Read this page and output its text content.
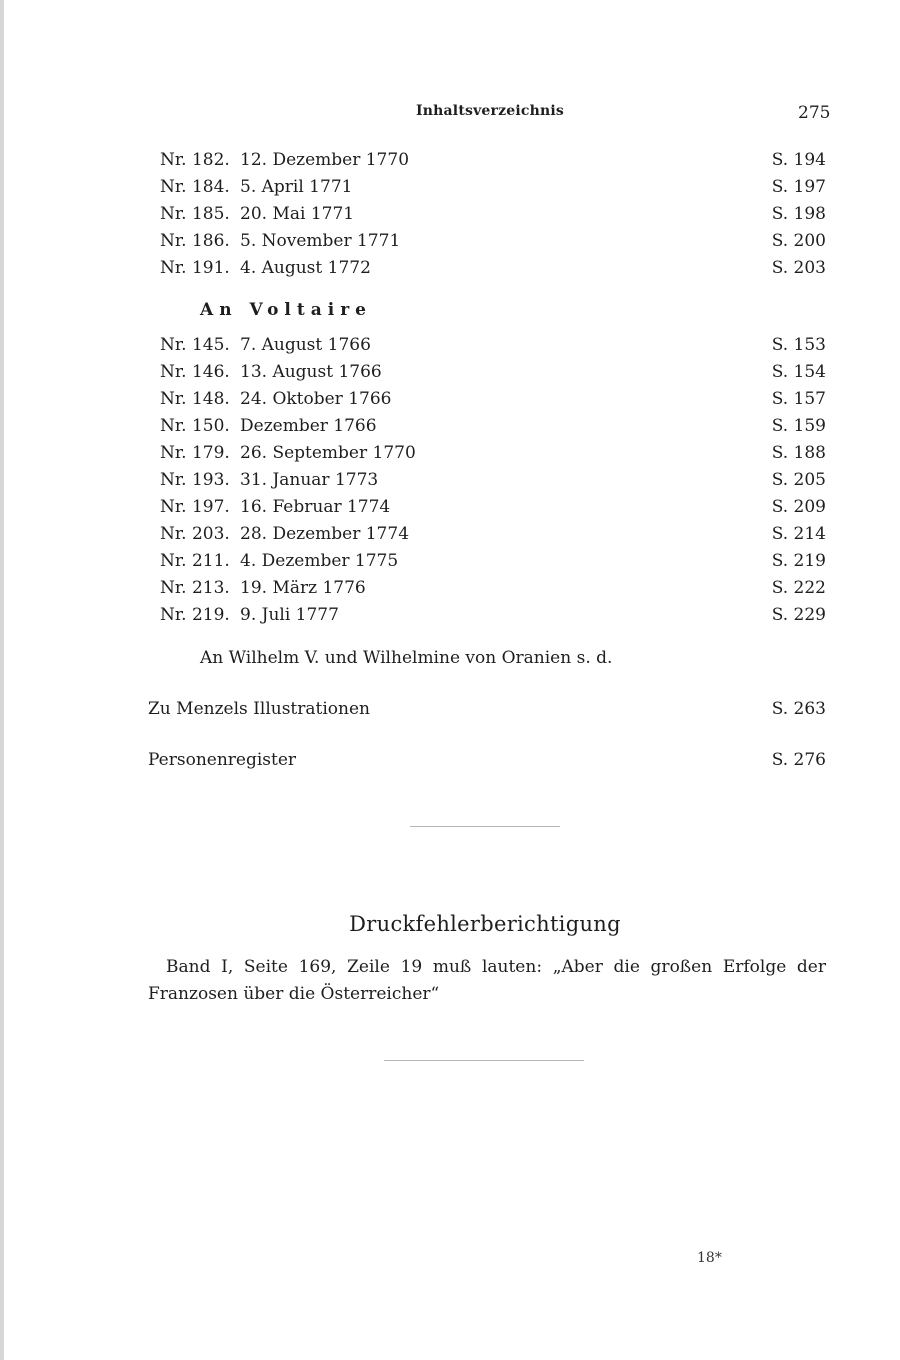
Inhaltsverzeichnis	275
Nr. 182. 12. Dezember 1770	S. 194
Nr. 184. 5. April 1771	S. 197
Nr. 185. 20. Mai 1771	S. 198
Nr. 186. 5. November 1771	S. 200
Nr. 191. 4. August 1772	S. 203
An Voltaire
Nr. 145. 7. August 1766	S. 153
Nr. 146. 13. August 1766	S. 154
Nr. 148. 24. Oktober 1766	S. 157
Nr. 150. Dezember 1766	S. 159
Nr. 179. 26. September 1770	S. 188
Nr. 193. 31. Januar 1773	S. 205
Nr. 197. 16. Februar 1774	S. 209
Nr. 203. 28. Dezember 1774	S. 214
Nr. 211. 4. Dezember 1775	S. 219
Nr. 213. 19. März 1776	S. 222
Nr. 219. 9. Juli 1777	S. 229
An Wilhelm V. und Wilhelmine von Oranien s. d.
Zu Menzels Illustrationen	S. 263
Personenregister	S. 276
Druckfehlerberichtigung
Band I, Seite 169, Zeile 19 muß lauten: „Aber die großen Erfolge der Franzosen über die Österreicher“
18*
